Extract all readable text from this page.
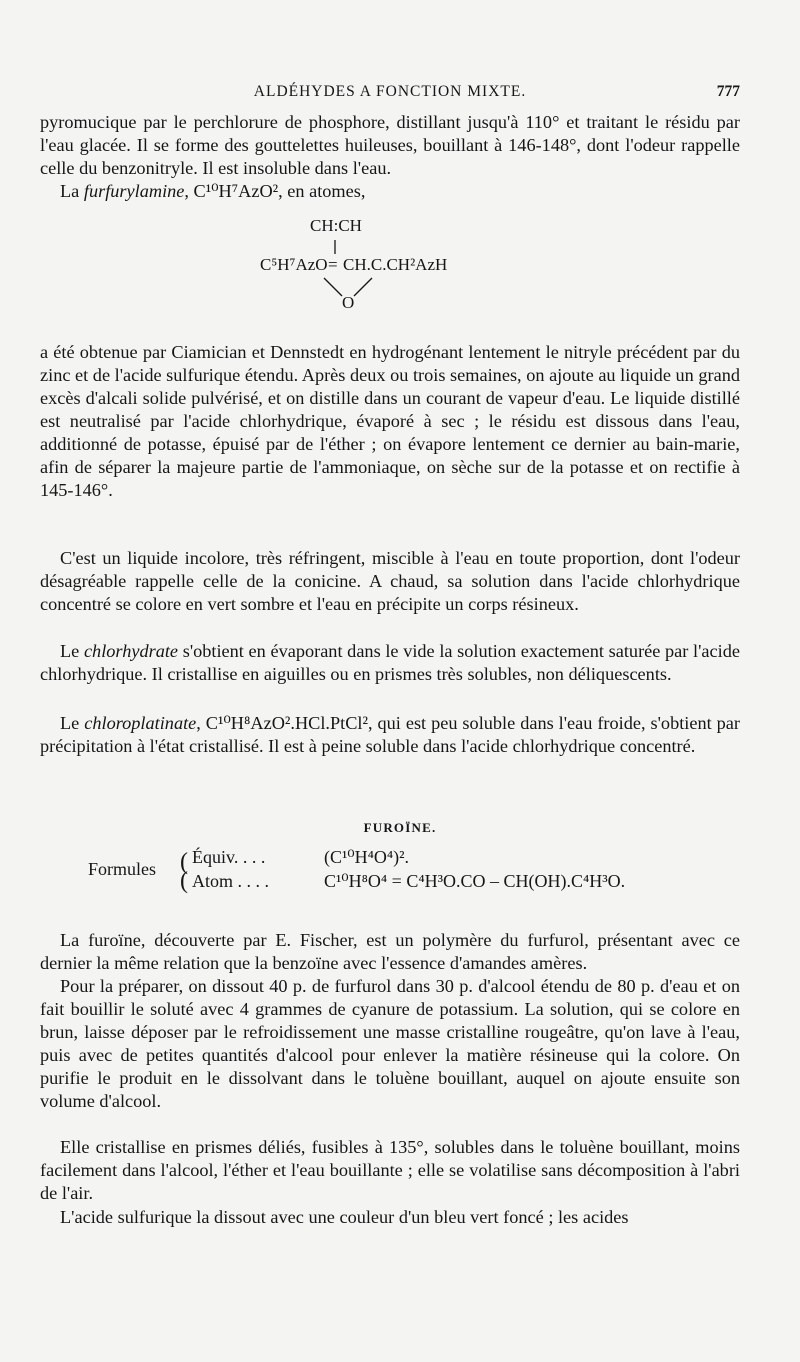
ALDÉHYDES A FONCTION MIXTE.	777

pyromucique par le perchlorure de phosphore, distillant jusqu'à 110° et traitant le résidu par l'eau glacée. Il se forme des gouttelettes huileuses, bouillant à 146-148°, dont l'odeur rappelle celle du benzonitryle. Il est insoluble dans l'eau.

La furfurylamine, C¹⁰H⁷AzO², en atomes,

CH:CH
C⁵H⁷AzO = CH.C.CH²AzH
O

a été obtenue par Ciamician et Dennstedt en hydrogénant lentement le nitryle précédent par du zinc et de l'acide sulfurique étendu. Après deux ou trois semaines, on ajoute au liquide un grand excès d'alcali solide pulvérisé, et on distille dans un courant de vapeur d'eau. Le liquide distillé est neutralisé par l'acide chlorhydrique, évaporé à sec ; le résidu est dissous dans l'eau, additionné de potasse, épuisé par de l'éther ; on évapore lentement ce dernier au bain-marie, afin de séparer la majeure partie de l'ammoniaque, on sèche sur de la potasse et on rectifie à 145-146°.

C'est un liquide incolore, très réfringent, miscible à l'eau en toute proportion, dont l'odeur désagréable rappelle celle de la conicine. A chaud, sa solution dans l'acide chlorhydrique concentré se colore en vert sombre et l'eau en précipite un corps résineux.

Le chlorhydrate s'obtient en évaporant dans le vide la solution exactement saturée par l'acide chlorhydrique. Il cristallise en aiguilles ou en prismes très solubles, non déliquescents.

Le chloroplatinate, C¹⁰H⁸AzO².HCl.PtCl², qui est peu soluble dans l'eau froide, s'obtient par précipitation à l'état cristallisé. Il est à peine soluble dans l'acide chlorhydrique concentré.

FUROÏNE.
Formules (
(
Équiv. . . .	(C¹⁰H⁴O⁴)².
Atom . . . .	C¹⁰H⁸O⁴ = C⁴H³O.CO – CH(OH).C⁴H³O.

La furoïne, découverte par E. Fischer, est un polymère du furfurol, présentant avec ce dernier la même relation que la benzoïne avec l'essence d'amandes amères.

Pour la préparer, on dissout 40 p. de furfurol dans 30 p. d'alcool étendu de 80 p. d'eau et on fait bouillir le soluté avec 4 grammes de cyanure de potassium. La solution, qui se colore en brun, laisse déposer par le refroidissement une masse cristalline rougeâtre, qu'on lave à l'eau, puis avec de petites quantités d'alcool pour enlever la matière résineuse qui la colore. On purifie le produit en le dissolvant dans le toluène bouillant, auquel on ajoute ensuite son volume d'alcool.

Elle cristallise en prismes déliés, fusibles à 135°, solubles dans le toluène bouillant, moins facilement dans l'alcool, l'éther et l'eau bouillante ; elle se volatilise sans décomposition à l'abri de l'air.

L'acide sulfurique la dissout avec une couleur d'un bleu vert foncé ; les acides
